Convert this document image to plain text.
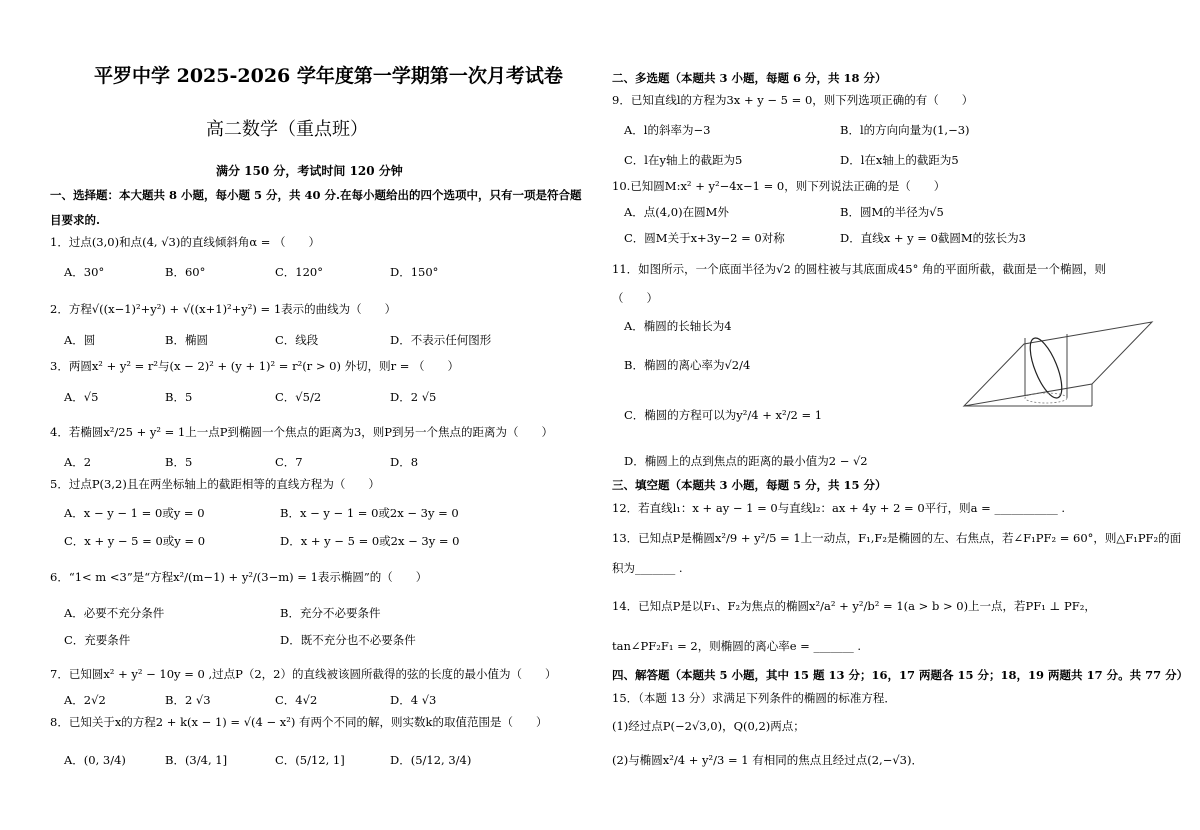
平罗中学 2025-2026 学年度第一学期第一次月考试卷
高二数学（重点班）
满分 150 分，考试时间 120 分钟
一、选择题：本大题共 8 小题，每小题 5 分，共 40 分.在每小题给出的四个选项中，只有一项是符合题
目要求的.
1．过点(3,0)和点(4, √3)的直线倾斜角α = （　　）
A．30°	B．60°	C．120°	D．150°
2．方程√((x−1)²+y²) + √((x+1)²+y²) = 1表示的曲线为（　　）
A．圆	B．椭圆	C．线段	D．不表示任何图形
3．两圆x² + y² = r²与(x − 2)² + (y + 1)² = r²(r > 0) 外切，则r = （　　）
A．√5	B．5	C．√5/2	D．2 √5
4．若椭圆x²/25 + y² = 1上一点P到椭圆一个焦点的距离为3，则P到另一个焦点的距离为（　　）
A．2	B．5	C．7	D．8
5．过点P(3,2)且在两坐标轴上的截距相等的直线方程为（　　）
A．x − y − 1 = 0或y = 0	B．x − y − 1 = 0或2x − 3y = 0
C．x + y − 5 = 0或y = 0	D．x + y − 5 = 0或2x − 3y = 0
6．“1< m <3”是“方程x²/(m−1) + y²/(3−m) = 1表示椭圆”的（　　）
A．必要不充分条件	B．充分不必要条件
C．充要条件	D．既不充分也不必要条件
7．已知圆x² + y² − 10y = 0 ,过点P（2，2）的直线被该圆所截得的弦的长度的最小值为（　　）
A．2√2	B．2 √3	C．4√2	D．4 √3
8．已知关于x的方程2 + k(x − 1) = √(4 − x²) 有两个不同的解，则实数k的取值范围是（　　）
A．(0, 3/4)	B．(3/4, 1]	C．(5/12, 1]	D．(5/12, 3/4)
二、多选题（本题共 3 小题，每题 6 分，共 18 分）
9．已知直线l的方程为3x + y − 5 = 0，则下列选项正确的有（　　）
A．l的斜率为−3	B．l的方向向量为(1,−3)
C．l在y轴上的截距为5	D．l在x轴上的截距为5
10.已知圆M:x² + y²−4x−1 = 0，则下列说法正确的是（　　）
A．点(4,0)在圆M外	B．圆M的半径为√5
C．圆M关于x+3y−2 = 0对称	D．直线x + y = 0截圆M的弦长为3
11．如图所示，一个底面半径为√2 的圆柱被与其底面成45° 角的平面所截，截面是一个椭圆，则
（　　）
A．椭圆的长轴长为4
B．椭圆的离心率为√2/4
C．椭圆的方程可以为y²/4 + x²/2 = 1
D．椭圆上的点到焦点的距离的最小值为2 − √2
三、填空题（本题共 3 小题，每题 5 分，共 15 分）
12．若直线l₁：x + ay − 1 = 0与直线l₂：ax + 4y + 2 = 0平行，则a = ___________ .
13．已知点P是椭圆x²/9 + y²/5 = 1上一动点，F₁,F₂是椭圆的左、右焦点，若∠F₁PF₂ = 60°，则△F₁PF₂的面
积为_______ .
14．已知点P是以F₁、F₂为焦点的椭圆x²/a² + y²/b² = 1(a > b > 0)上一点，若PF₁ ⊥ PF₂，
tan∠PF₂F₁ = 2，则椭圆的离心率e = _______ .
四、解答题（本题共 5 小题，其中 15 题 13 分；16，17 两题各 15 分；18，19 两题共 17 分。共 77 分）
15．（本题 13 分）求满足下列条件的椭圆的标准方程．
(1)经过点P(−2√3,0)，Q(0,2)两点；
(2)与椭圆x²/4 + y²/3 = 1 有相同的焦点且经过点(2,−√3)．
